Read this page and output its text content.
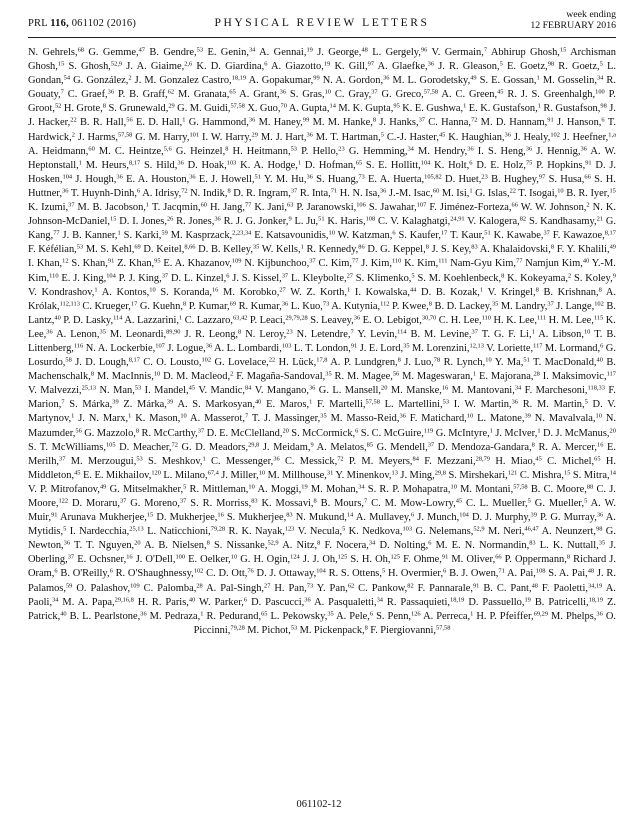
PRL 116, 061102 (2016)	PHYSICAL REVIEW LETTERS
week ending
12 FEBRUARY 2016
N. Gehrels,$^{68}$ G. Gemme,$^{47}$ B. Gendre,$^{53}$ E. Genin,$^{34}$ A. Gennai,$^{19}$ J. George,$^{48}$ L. Gergely,$^{96}$ V. Germain,$^7$ Abhirup Ghosh,$^{15}$ Archisman Ghosh,$^{15}$ S. Ghosh,$^{52,9}$ J. A. Giaime,$^{2,6}$ K. D. Giardina,$^6$ A. Giazotto,$^{19}$ K. Gill,$^{97}$ A. Glaefke,$^{36}$ J. R. Gleason,$^5$ E. Goetz,$^{98}$ R. Goetz,$^5$ L. Gondan,$^{54}$ G. González,$^2$ J. M. Gonzalez Castro,$^{18,19}$ A. Gopakumar,$^{99}$ N. A. Gordon,$^{36}$ M. L. Gorodetsky,$^{49}$ S. E. Gossan,$^1$ M. Gosselin,$^{34}$ R. Gouaty,$^7$ C. Graef,$^{36}$ P. B. Graff,$^{62}$ M. Granata,$^{65}$ A. Grant,$^{36}$ S. Gras,$^{10}$ C. Gray,$^{37}$ G. Greco,$^{57,58}$ A. C. Green,$^{45}$ R. J. S. Greenhalgh,$^{100}$ P. Groot,$^{52}$ H. Grote,$^8$ S. Grunewald,$^{29}$ G. M. Guidi,$^{57,58}$ X. Guo,$^{70}$ A. Gupta,$^{14}$ M. K. Gupta,$^{95}$ K. E. Gushwa,$^1$ E. K. Gustafson,$^1$ R. Gustafson,$^{98}$ J. J. Hacker,$^{22}$ B. R. Hall,$^{56}$ E. D. Hall,$^1$ G. Hammond,$^{36}$ M. Haney,$^{99}$ M. M. Hanke,$^8$ J. Hanks,$^{37}$ C. Hanna,$^{72}$ M. D. Hannam,$^{91}$ J. Hanson,$^6$ T. Hardwick,$^2$ J. Harms,$^{57,58}$ G. M. Harry,$^{101}$ I. W. Harry,$^{29}$ M. J. Hart,$^{36}$ M. T. Hartman,$^5$ C.-J. Haster,$^{45}$ K. Haughian,$^{36}$ J. Healy,$^{102}$ J. Heefner,$^{1,a}$ A. Heidmann,$^{60}$ M. C. Heintze,$^{5,6}$ G. Heinzel,$^8$ H. Heitmann,$^{53}$ P. Hello,$^{23}$ G. Hemming,$^{34}$ M. Hendry,$^{36}$ I. S. Heng,$^{36}$ J. Hennig,$^{36}$ A. W. Heptonstall,$^1$ M. Heurs,$^{8,17}$ S. Hild,$^{36}$ D. Hoak,$^{103}$ K. A. Hodge,$^1$ D. Hofman,$^{65}$ S. E. Hollitt,$^{104}$ K. Holt,$^6$ D. E. Holz,$^{75}$ P. Hopkins,$^{91}$ D. J. Hosken,$^{104}$ J. Hough,$^{36}$ E. A. Houston,$^{36}$ E. J. Howell,$^{51}$ Y. M. Hu,$^{36}$ S. Huang,$^{73}$ E. A. Huerta,$^{105,82}$ D. Huet,$^{23}$ B. Hughey,$^{97}$ S. Husa,$^{66}$ S. H. Huttner,$^{36}$ T. Huynh-Dinh,$^6$ A. Idrisy,$^{72}$ N. Indik,$^8$ D. R. Ingram,$^{37}$ R. Inta,$^{71}$ H. N. Isa,$^{36}$ J.-M. Isac,$^{60}$ M. Isi,$^1$ G. Islas,$^{22}$ T. Isogai,$^{10}$ B. R. Iyer,$^{15}$ K. Izumi,$^{37}$ M. B. Jacobson,$^1$ T. Jacqmin,$^{60}$ H. Jang,$^{77}$ K. Jani,$^{63}$ P. Jaranowski,$^{106}$ S. Jawahar,$^{107}$ F. Jiménez-Forteza,$^{66}$ W. W. Johnson,$^2$ N. K. Johnson-McDaniel,$^{15}$ D. I. Jones,$^{26}$ R. Jones,$^{36}$ R. J. G. Jonker,$^9$ L. Ju,$^{51}$ K. Haris,$^{108}$ C. V. Kalaghatgi,$^{24,91}$ V. Kalogera,$^{82}$ S. Kandhasamy,$^{21}$ G. Kang,$^{77}$ J. B. Kanner,$^1$ S. Karki,$^{59}$ M. Kasprzack,$^{2,23,34}$ E. Katsavounidis,$^{10}$ W. Katzman,$^6$ S. Kaufer,$^{17}$ T. Kaur,$^{51}$ K. Kawabe,$^{37}$ F. Kawazoe,$^{8,17}$ F. Kéfélian,$^{53}$ M. S. Kehl,$^{69}$ D. Keitel,$^{8,66}$ D. B. Kelley,$^{35}$ W. Kells,$^1$ R. Kennedy,$^{86}$ D. G. Keppel,$^8$ J. S. Key,$^{83}$ A. Khalaidovski,$^8$ F. Y. Khalili,$^{49}$ I. Khan,$^{12}$ S. Khan,$^{91}$ Z. Khan,$^{95}$ E. A. Khazanov,$^{109}$ N. Kijbunchoo,$^{37}$ C. Kim,$^{77}$ J. Kim,$^{110}$ K. Kim,$^{111}$ Nam-Gyu Kim,$^{77}$ Namjun Kim,$^{40}$ Y.-M. Kim,$^{110}$ E. J. King,$^{104}$ P. J. King,$^{37}$ D. L. Kinzel,$^6$ J. S. Kissel,$^{37}$ L. Kleybolte,$^{27}$ S. Klimenko,$^5$ S. M. Koehlenbeck,$^8$ K. Kokeyama,$^2$ S. Koley,$^9$ V. Kondrashov,$^1$ A. Kontos,$^{10}$ S. Koranda,$^{16}$ M. Korobko,$^{27}$ W. Z. Korth,$^1$ I. Kowalska,$^{44}$ D. B. Kozak,$^1$ V. Kringel,$^8$ B. Krishnan,$^8$ A. Królak,$^{112,113}$ C. Krueger,$^{17}$ G. Kuehn,$^8$ P. Kumar,$^{69}$ R. Kumar,$^{36}$ L. Kuo,$^{73}$ A. Kutynia,$^{112}$ P. Kwee,$^8$ B. D. Lackey,$^{35}$ M. Landry,$^{37}$ J. Lange,$^{102}$ B. Lantz,$^{40}$ P. D. Lasky,$^{114}$ A. Lazzarini,$^1$ C. Lazzaro,$^{63,42}$ P. Leaci,$^{29,79,28}$ S. Leavey,$^{36}$ E. O. Lebigot,$^{30,70}$ C. H. Lee,$^{110}$ H. K. Lee,$^{111}$ H. M. Lee,$^{115}$ K. Lee,$^{36}$ A. Lenon,$^{35}$ M. Leonardi,$^{89,90}$ J. R. Leong,$^8$ N. Leroy,$^{23}$ N. Letendre,$^7$ Y. Levin,$^{114}$ B. M. Levine,$^{37}$ T. G. F. Li,$^1$ A. Libson,$^{10}$ T. B. Littenberg,$^{116}$ N. A. Lockerbie,$^{107}$ J. Logue,$^{36}$ A. L. Lombardi,$^{103}$ L. T. London,$^{91}$ J. E. Lord,$^{35}$ M. Lorenzini,$^{12,13}$ V. Loriette,$^{117}$ M. Lormand,$^6$ G. Losurdo,$^{58}$ J. D. Lough,$^{8,17}$ C. O. Lousto,$^{102}$ G. Lovelace,$^{22}$ H. Lück,$^{17,8}$ A. P. Lundgren,$^8$ J. Luo,$^{78}$ R. Lynch,$^{10}$ Y. Ma,$^{51}$ T. MacDonald,$^{40}$ B. Machenschalk,$^8$ M. MacInnis,$^{10}$ D. M. Macleod,$^2$ F. Magaña-Sandoval,$^{35}$ R. M. Magee,$^{56}$ M. Mageswaran,$^1$ E. Majorana,$^{28}$ I. Maksimovic,$^{117}$ V. Malvezzi,$^{25,13}$ N. Man,$^{53}$ I. Mandel,$^{45}$ V. Mandic,$^{84}$ V. Mangano,$^{36}$ G. L. Mansell,$^{20}$ M. Manske,$^{16}$ M. Mantovani,$^{34}$ F. Marchesoni,$^{118,33}$ F. Marion,$^7$ S. Márka,$^{39}$ Z. Márka,$^{39}$ A. S. Markosyan,$^{40}$ E. Maros,$^1$ F. Martelli,$^{57,58}$ L. Martellini,$^{53}$ I. W. Martin,$^{36}$ R. M. Martin,$^5$ D. V. Martynov,$^1$ J. N. Marx,$^1$ K. Mason,$^{10}$ A. Masserot,$^7$ T. J. Massinger,$^{35}$ M. Masso-Reid,$^{36}$ F. Matichard,$^{10}$ L. Matone,$^{39}$ N. Mavalvala,$^{10}$ N. Mazumder,$^{56}$ G. Mazzolo,$^8$ R. McCarthy,$^{37}$ D. E. McClelland,$^{20}$ S. McCormick,$^6$ S. C. McGuire,$^{119}$ G. McIntyre,$^1$ J. McIver,$^1$ D. J. McManus,$^{20}$ S. T. McWilliams,$^{105}$ D. Meacher,$^{72}$ G. D. Meadors,$^{29,8}$ J. Meidam,$^9$ A. Melatos,$^{85}$ G. Mendell,$^{37}$ D. Mendoza-Gandara,$^8$ R. A. Mercer,$^{16}$ E. Merilh,$^{37}$ M. Merzougui,$^{53}$ S. Meshkov,$^1$ C. Messenger,$^{36}$ C. Messick,$^{72}$ P. M. Meyers,$^{84}$ F. Mezzani,$^{28,79}$ H. Miao,$^{45}$ C. Michel,$^{65}$ H. Middleton,$^{45}$ E. E. Mikhailov,$^{120}$ L. Milano,$^{67,4}$ J. Miller,$^{10}$ M. Millhouse,$^{31}$ Y. Minenkov,$^{13}$ J. Ming,$^{29,8}$ S. Mirshekari,$^{121}$ C. Mishra,$^{15}$ S. Mitra,$^{14}$ V. P. Mitrofanov,$^{49}$ G. Mitselmakher,$^5$ R. Mittleman,$^{10}$ A. Moggi,$^{19}$ M. Mohan,$^{34}$ S. R. P. Mohapatra,$^{10}$ M. Montani,$^{57,58}$ B. C. Moore,$^{88}$ C. J. Moore,$^{122}$ D. Moraru,$^{37}$ G. Moreno,$^{37}$ S. R. Morriss,$^{83}$ K. Mossavi,$^8$ B. Mours,$^7$ C. M. Mow-Lowry,$^{45}$ C. L. Mueller,$^5$ G. Mueller,$^5$ A. W. Muir,$^{91}$ Arunava Mukherjee,$^{15}$ D. Mukherjee,$^{16}$ S. Mukherjee,$^{83}$ N. Mukund,$^{14}$ A. Mullavey,$^6$ J. Munch,$^{104}$ D. J. Murphy,$^{39}$ P. G. Murray,$^{36}$ A. Mytidis,$^5$ I. Nardecchia,$^{25,13}$ L. Naticchioni,$^{79,28}$ R. K. Nayak,$^{123}$ V. Necula,$^5$ K. Nedkova,$^{103}$ G. Nelemans,$^{52,9}$ M. Neri,$^{46,47}$ A. Neunzert,$^{98}$ G. Newton,$^{36}$ T. T. Nguyen,$^{20}$ A. B. Nielsen,$^8$ S. Nissanke,$^{52,9}$ A. Nitz,$^8$ F. Nocera,$^{34}$ D. Nolting,$^6$ M. E. N. Normandin,$^{83}$ L. K. Nuttall,$^{35}$ J. Oberling,$^{37}$ E. Ochsner,$^{16}$ J. O'Dell,$^{100}$ E. Oelker,$^{10}$ G. H. Ogin,$^{124}$ J. J. Oh,$^{125}$ S. H. Oh,$^{125}$ F. Ohme,$^{91}$ M. Oliver,$^{66}$ P. Oppermann,$^8$ Richard J. Oram,$^6$ B. O'Reilly,$^6$ R. O'Shaughnessy,$^{102}$ C. D. Ott,$^{76}$ D. J. Ottaway,$^{104}$ R. S. Ottens,$^5$ H. Overmier,$^6$ B. J. Owen,$^{71}$ A. Pai,$^{108}$ S. A. Pai,$^{48}$ J. R. Palamos,$^{59}$ O. Palashov,$^{109}$ C. Palomba,$^{28}$ A. Pal-Singh,$^{27}$ H. Pan,$^{73}$ Y. Pan,$^{62}$ C. Pankow,$^{82}$ F. Pannarale,$^{91}$ B. C. Pant,$^{48}$ F. Paoletti,$^{34,19}$ A. Paoli,$^{34}$ M. A. Papa,$^{29,16,8}$ H. R. Paris,$^{40}$ W. Parker,$^6$ D. Pascucci,$^{36}$ A. Pasqualetti,$^{34}$ R. Passaquieti,$^{18,19}$ D. Passuello,$^{19}$ B. Patricelli,$^{18,19}$ Z. Patrick,$^{40}$ B. L. Pearlstone,$^{36}$ M. Pedraza,$^1$ R. Pedurand,$^{65}$ L. Pekowsky,$^{35}$ A. Pele,$^6$ S. Penn,$^{126}$ A. Perreca,$^1$ H. P. Pfeiffer,$^{69,29}$ M. Phelps,$^{36}$ O. Piccinni,$^{79,28}$ M. Pichot,$^{53}$ M. Pickenpack,$^8$ F. Piergiovanni,$^{57,58}$
061102-12
